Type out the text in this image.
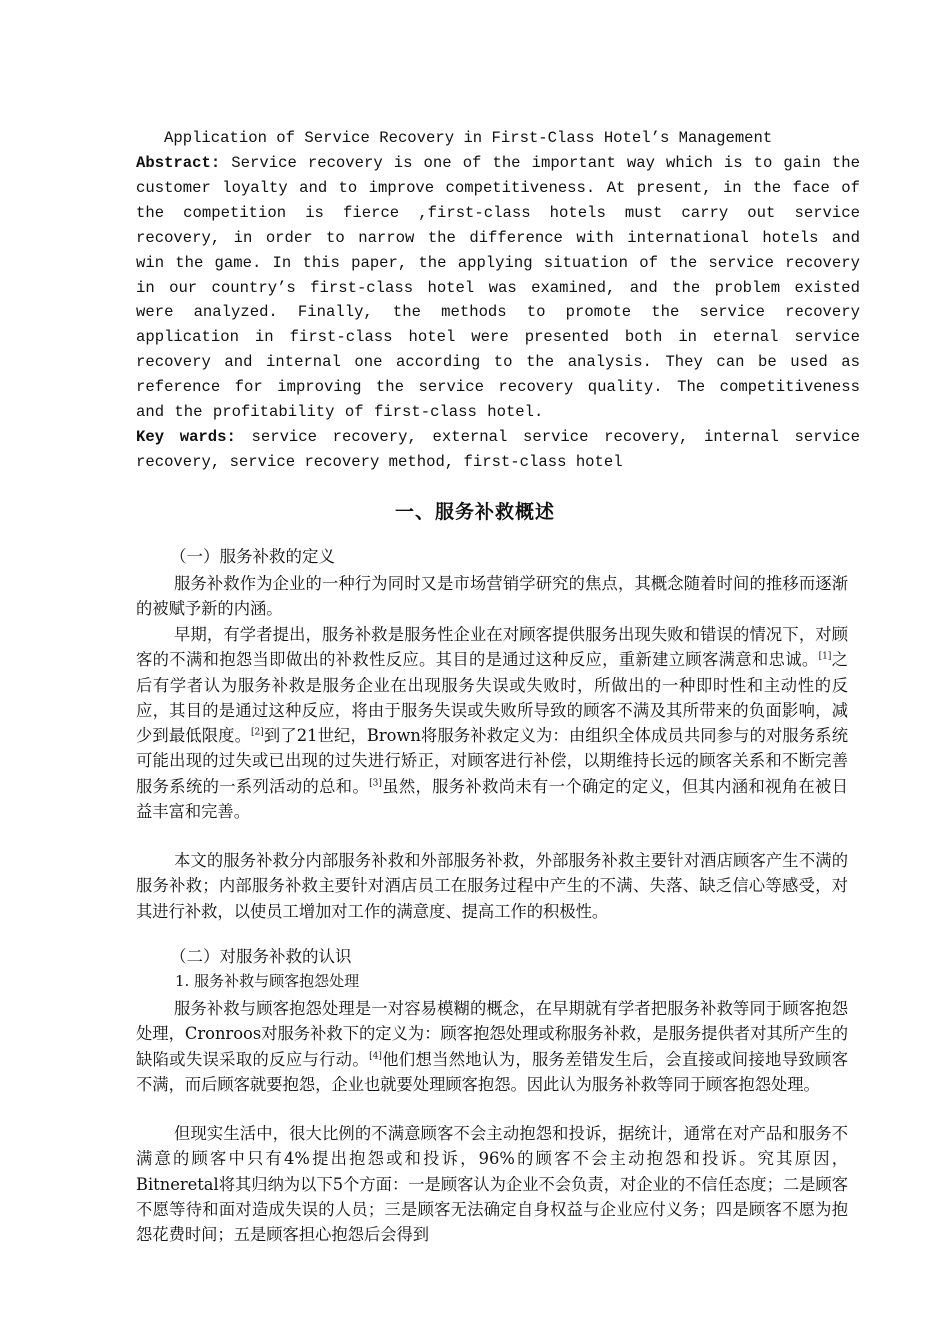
Application of Service Recovery in First-Class Hotel’s Management
Abstract: Service recovery is one of the important way which is to gain the customer loyalty and to improve competitiveness. At present, in the face of the competition is fierce ,first-class hotels must carry out service recovery, in order to narrow the difference with international hotels and win the game. In this paper, the applying situation of the service recovery in our country’s first-class hotel was examined, and the problem existed were analyzed. Finally, the methods to promote the service recovery application in first-class hotel were presented both in eternal service recovery and internal one according to the analysis. They can be used as reference for improving the service recovery quality. The competitiveness and the profitability of first-class hotel.
Key wards: service recovery, external service recovery, internal service recovery, service recovery method, first-class hotel
一、服务补救概述
（一）服务补救的定义
服务补救作为企业的一种行为同时又是市场营销学研究的焦点，其概念随着时间的推移而逐渐的被赋予新的内涵。
早期，有学者提出，服务补救是服务性企业在对顾客提供服务出现失败和错误的情况下，对顾客的不满和抱怨当即做出的补救性反应。其目的是通过这种反应，重新建立顾客满意和忠诚。[1]之后有学者认为服务补救是服务企业在出现服务失误或失败时，所做出的一种即时性和主动性的反应，其目的是通过这种反应，将由于服务失误或失败所导致的顾客不满及其所带来的负面影响，减少到最低限度。[2]到了21世纪，Brown将服务补救定义为：由组织全体成员共同参与的对服务系统可能出现的过失或已出现的过失进行矫正，对顾客进行补偿，以期维持长远的顾客关系和不断完善服务系统的一系列活动的总和。[3]虽然，服务补救尚未有一个确定的定义，但其内涵和视角在被日益丰富和完善。
本文的服务补救分内部服务补救和外部服务补救，外部服务补救主要针对酒店顾客产生不满的服务补救；内部服务补救主要针对酒店员工在服务过程中产生的不满、失落、缺乏信心等感受，对其进行补救，以使员工增加对工作的满意度、提高工作的积极性。
（二）对服务补救的认识
1. 服务补救与顾客抱怨处理
服务补救与顾客抱怨处理是一对容易模糊的概念，在早期就有学者把服务补救等同于顾客抱怨处理，Cronroos对服务补救下的定义为：顾客抱怨处理或称服务补救，是服务提供者对其所产生的缺陷或失误采取的反应与行动。[4]他们想当然地认为，服务差错发生后，会直接或间接地导致顾客不满，而后顾客就要抱怨，企业也就要处理顾客抱怨。因此认为服务补救等同于顾客抱怨处理。
但现实生活中，很大比例的不满意顾客不会主动抱怨和投诉，据统计，通常在对产品和服务不满意的顾客中只有4%提出抱怨或和投诉，96%的顾客不会主动抱怨和投诉。究其原因，Bitneretal将其归纳为以下5个方面：一是顾客认为企业不会负责，对企业的不信任态度；二是顾客不愿等待和面对造成失误的人员；三是顾客无法确定自身权益与企业应付义务；四是顾客不愿为抱怨花费时间；五是顾客担心抱怨后会得到
